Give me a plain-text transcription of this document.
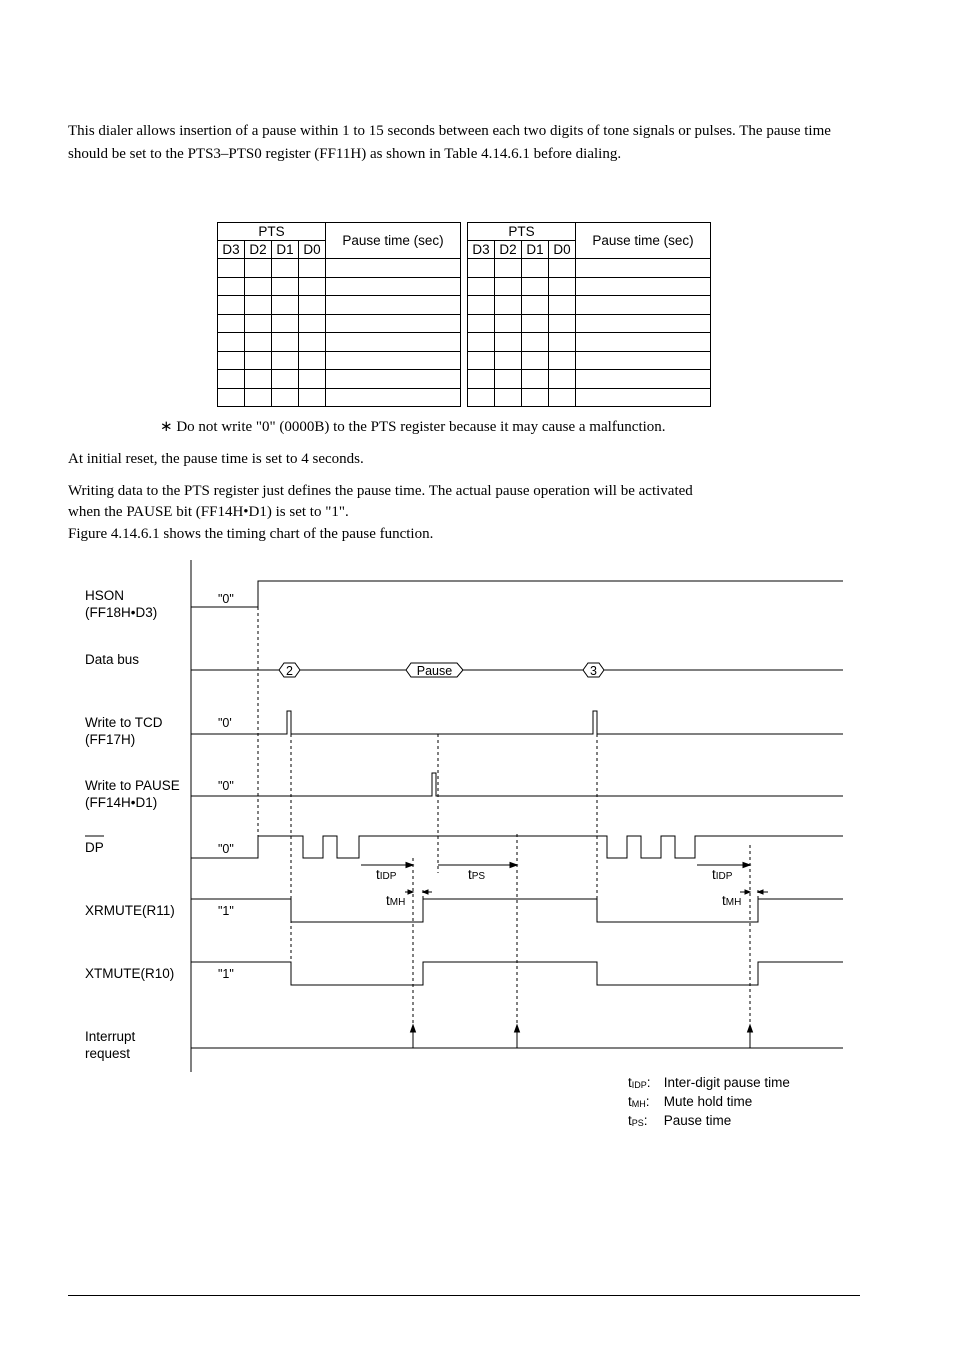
This dialer allows insertion of a pause within 1 to 15 seconds between each two digits of tone signals or pulses. The pause time should be set to the PTS3–PTS0 register (FF11H) as shown in Table 4.14.6.1 before dialing.

PTS				Pause time (sec)
D3	D2	D1	D0	

PTS				Pause time (sec)
D3	D2	D1	D0	

∗ Do not write "0" (0000B) to the PTS register because it may cause a malfunction.

At initial reset, the pause time is set to 4 seconds.

Writing data to the PTS register just defines the pause time. The actual pause operation will be activated

when the PAUSE bit (FF14H•D1) is set to "1".

Figure 4.14.6.1 shows the timing chart of the pause function.

HSON
(FF18H•D3)
Data bus
Write to TCD
(FF17H)
Write to PAUSE
(FF14H•D1)
DP
XRMUTE(R11)
XTMUTE(R10)
Interrupt
request
"0"
"0'
"0"
"0"
"1"
"1"
2	Pause	3
tIDP	tPS	tIDP
tMH	tMH
$t_{IDP}$: Inter-digit pause time
$t_{MH}$: Mute hold time
$t_{PS}$: Pause time
